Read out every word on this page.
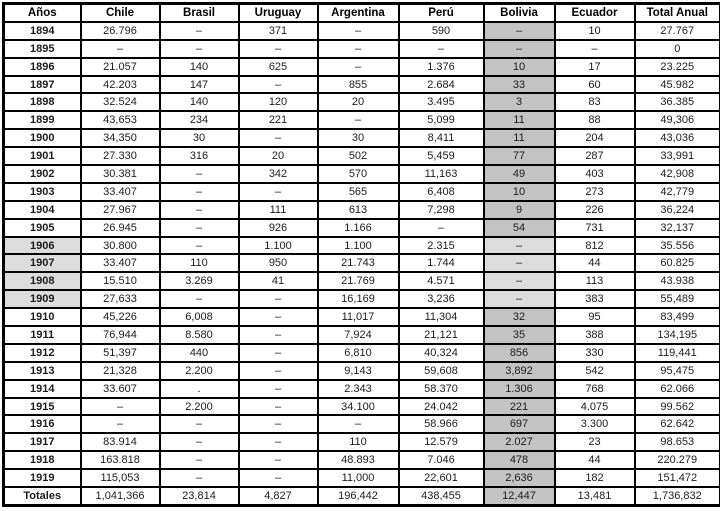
Años	Chile	Brasil	Uruguay	Argentina	Perú	Bolivia	Ecuador	Total Anual
1894	26.796	–	371	–	590	–	10	27.767
1895	–	–	–	–	–	–	–	0
1896	21.057	140	625	–	1.376	10	17	23.225
1897	42.203	147	–	855	2.684	33	60	45.982
1898	32.524	140	120	20	3.495	3	83	36.385
1899	43,653	234	221	–	5,099	11	88	49,306
1900	34,350	30	–	30	8,411	11	204	43,036
1901	27.330	316	20	502	5,459	77	287	33,991
1902	30.381	–	342	570	11,163	49	403	42,908
1903	33.407	–	–	565	6,408	10	273	42,779
1904	27.967	–	111	613	7,298	9	226	36,224
1905	26.945	–	926	1.166	–	54	731	32,137
1906	30.800	–	1.100	1.100	2.315	–	812	35.556
1907	33.407	110	950	21.743	1.744	–	44	60.825
1908	15.510	3.269	41	21.769	4.571	–	113	43.938
1909	27,633	–	–	16,169	3,236	–	383	55,489
1910	45,226	6,008	–	11,017	11,304	32	95	83,499
1911	76,944	8.580	–	7,924	21,121	35	388	134,195
1912	51,397	440	–	6,810	40,324	856	330	119,441
1913	21,328	2.200	–	9,143	59,608	3,892	542	95,475
1914	33.607	.	–	2.343	58.370	1.306	768	62.066
1915	–	2.200	–	34.100	24.042	221	4.075	99.562
1916	–	–	–	–	58.966	697	3.300	62.642
1917	83.914	–	–	110	12.579	2.027	23	98.653
1918	163.818	–	–	48.893	7.046	478	44	220.279
1919	115,053	–	–	11,000	22,601	2,636	182	151,472
Totales	1,041,366	23,814	4,827	196,442	438,455	12,447	13,481	1,736,832
